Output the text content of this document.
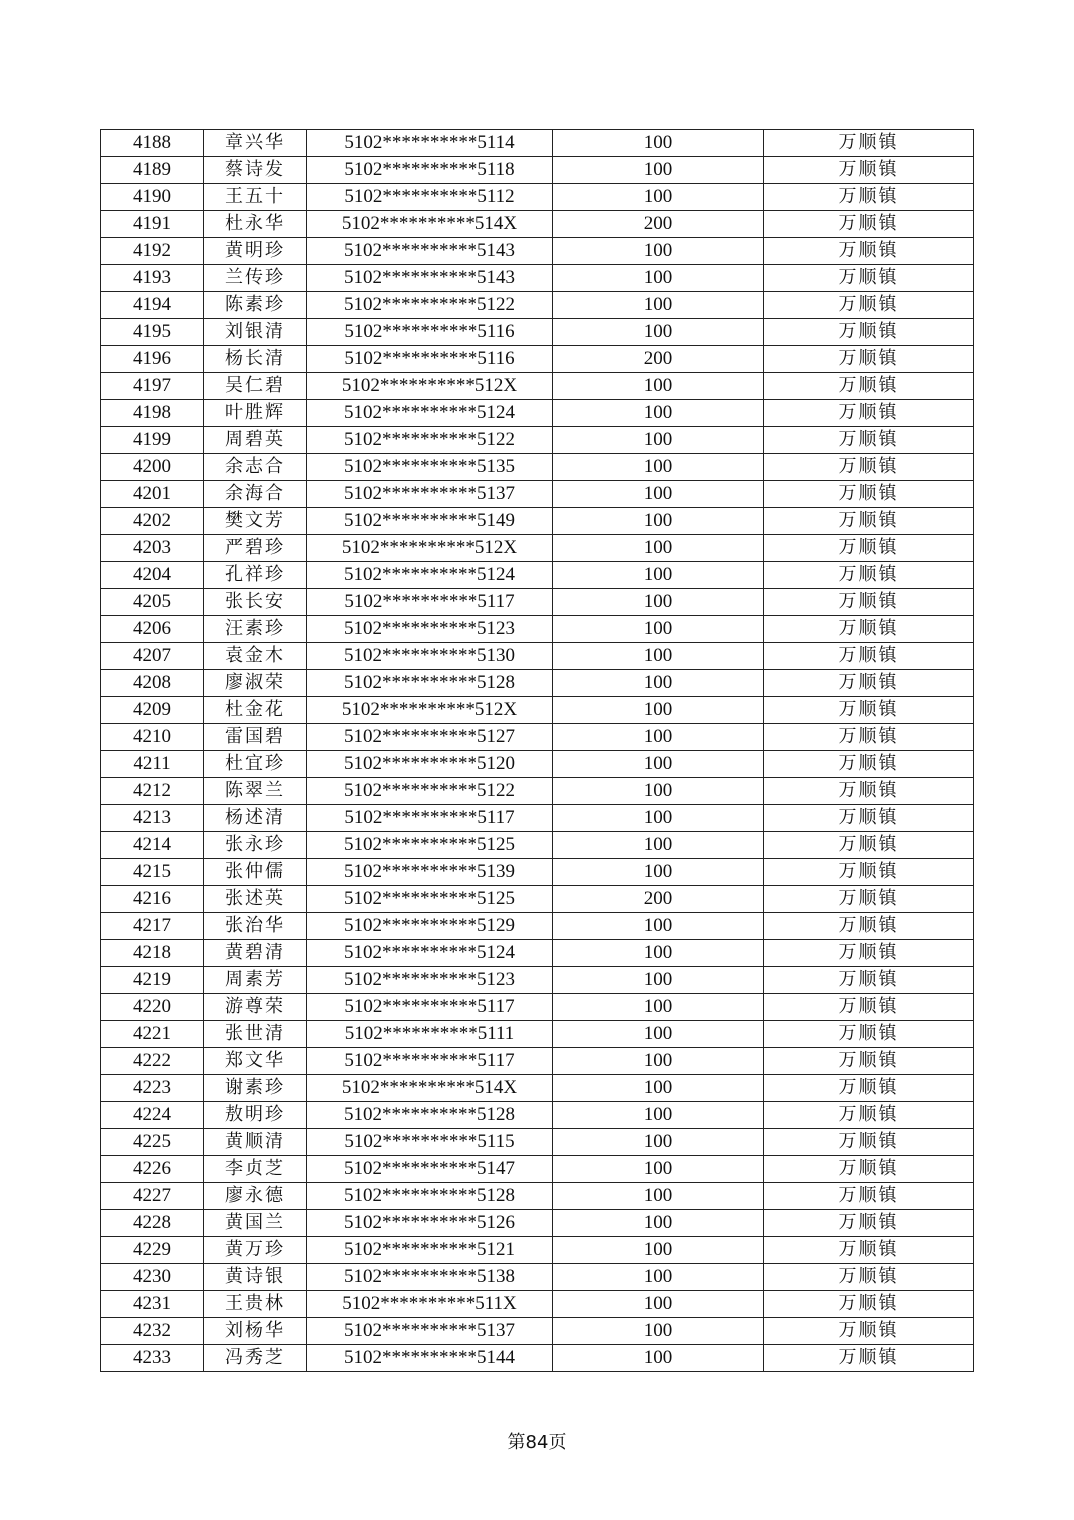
4188	章兴华	5102**********5114	100	万顺镇
4189	蔡诗发	5102**********5118	100	万顺镇
4190	王五十	5102**********5112	100	万顺镇
4191	杜永华	5102**********514X	200	万顺镇
4192	黄明珍	5102**********5143	100	万顺镇
4193	兰传珍	5102**********5143	100	万顺镇
4194	陈素珍	5102**********5122	100	万顺镇
4195	刘银清	5102**********5116	100	万顺镇
4196	杨长清	5102**********5116	200	万顺镇
4197	吴仁碧	5102**********512X	100	万顺镇
4198	叶胜辉	5102**********5124	100	万顺镇
4199	周碧英	5102**********5122	100	万顺镇
4200	余志合	5102**********5135	100	万顺镇
4201	余海合	5102**********5137	100	万顺镇
4202	樊文芳	5102**********5149	100	万顺镇
4203	严碧珍	5102**********512X	100	万顺镇
4204	孔祥珍	5102**********5124	100	万顺镇
4205	张长安	5102**********5117	100	万顺镇
4206	汪素珍	5102**********5123	100	万顺镇
4207	袁金木	5102**********5130	100	万顺镇
4208	廖淑荣	5102**********5128	100	万顺镇
4209	杜金花	5102**********512X	100	万顺镇
4210	雷国碧	5102**********5127	100	万顺镇
4211	杜宜珍	5102**********5120	100	万顺镇
4212	陈翠兰	5102**********5122	100	万顺镇
4213	杨述清	5102**********5117	100	万顺镇
4214	张永珍	5102**********5125	100	万顺镇
4215	张仲儒	5102**********5139	100	万顺镇
4216	张述英	5102**********5125	200	万顺镇
4217	张治华	5102**********5129	100	万顺镇
4218	黄碧清	5102**********5124	100	万顺镇
4219	周素芳	5102**********5123	100	万顺镇
4220	游尊荣	5102**********5117	100	万顺镇
4221	张世清	5102**********5111	100	万顺镇
4222	郑文华	5102**********5117	100	万顺镇
4223	谢素珍	5102**********514X	100	万顺镇
4224	敖明珍	5102**********5128	100	万顺镇
4225	黄顺清	5102**********5115	100	万顺镇
4226	李贞芝	5102**********5147	100	万顺镇
4227	廖永德	5102**********5128	100	万顺镇
4228	黄国兰	5102**********5126	100	万顺镇
4229	黄万珍	5102**********5121	100	万顺镇
4230	黄诗银	5102**********5138	100	万顺镇
4231	王贵林	5102**********511X	100	万顺镇
4232	刘杨华	5102**********5137	100	万顺镇
4233	冯秀芝	5102**********5144	100	万顺镇
第84页
